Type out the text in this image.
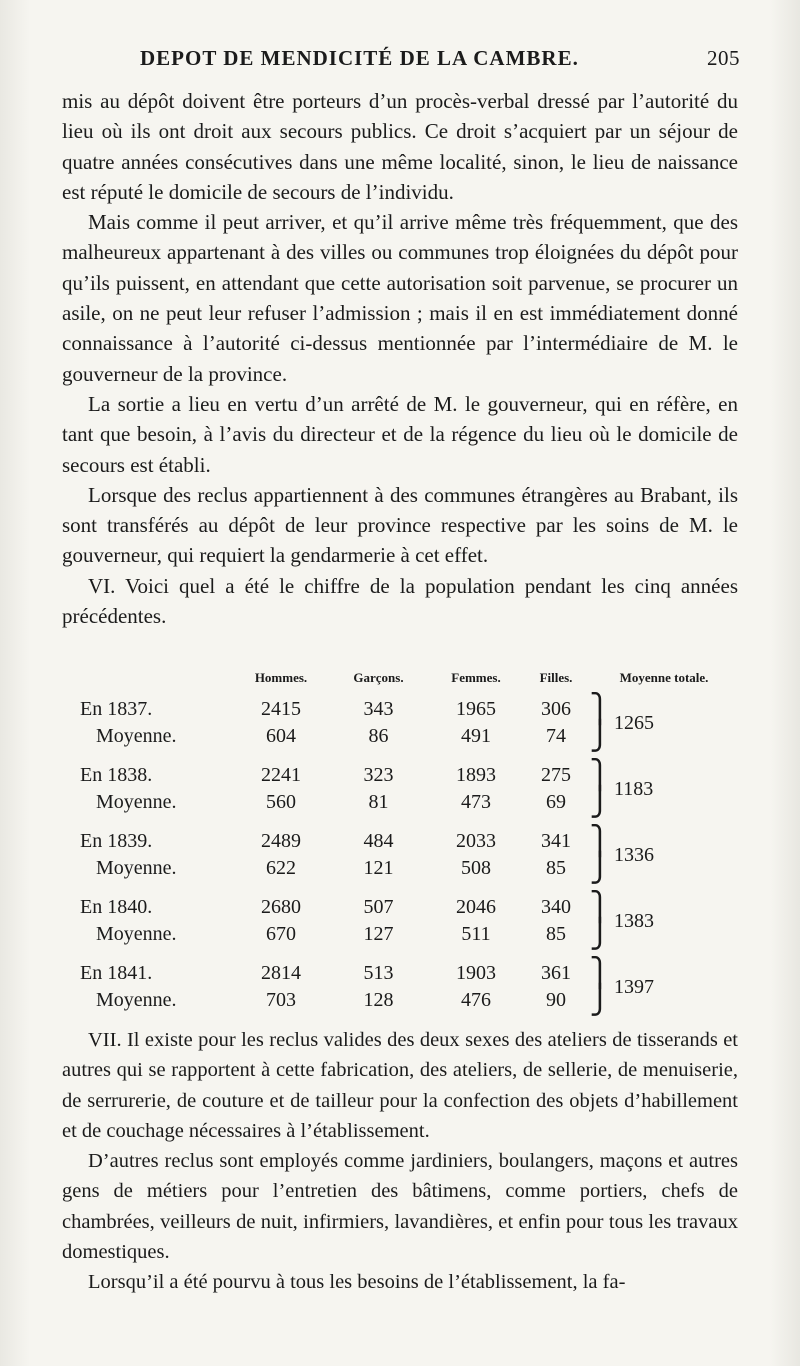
DEPOT DE MENDICITÉ DE LA CAMBRE.	205

mis au dépôt doivent être porteurs d’un procès-verbal dressé par l’autorité du lieu où ils ont droit aux secours publics. Ce droit s’acquiert par un séjour de quatre années consécutives dans une même localité, sinon, le lieu de naissance est réputé le domicile de secours de l’individu.

Mais comme il peut arriver, et qu’il arrive même très fréquemment, que des malheureux appartenant à des villes ou communes trop éloignées du dépôt pour qu’ils puissent, en attendant que cette autorisation soit parvenue, se procurer un asile, on ne peut leur refuser l’admission ; mais il en est immédiatement donné connaissance à l’autorité ci-dessus mentionnée par l’intermédiaire de M. le gouverneur de la province.

La sortie a lieu en vertu d’un arrêté de M. le gouverneur, qui en réfère, en tant que besoin, à l’avis du directeur et de la régence du lieu où le domicile de secours est établi.

Lorsque des reclus appartiennent à des communes étrangères au Brabant, ils sont transférés au dépôt de leur province respective par les soins de M. le gouverneur, qui requiert la gendarmerie à cet effet.

VI. Voici quel a été le chiffre de la population pendant les cinq années précédentes.

	Hommes.	Garçons.	Femmes.	Filles.		Moyenne totale.
En 1837.	2415	343	1965	306	⎫	1265
Moyenne.	604	86	491	74	⎭	

En 1838.	2241	323	1893	275	⎫	1183
Moyenne.	560	81	473	69	⎭	

En 1839.	2489	484	2033	341	⎫	1336
Moyenne.	622	121	508	85	⎭	

En 1840.	2680	507	2046	340	⎫	1383
Moyenne.	670	127	511	85	⎭	

En 1841.	2814	513	1903	361	⎫	1397
Moyenne.	703	128	476	90	⎭	

VII. Il existe pour les reclus valides des deux sexes des ateliers de tisserands et autres qui se rapportent à cette fabrication, des ateliers, de sellerie, de menuiserie, de serrurerie, de couture et de tailleur pour la confection des objets d’habillement et de couchage nécessaires à l’établissement.

D’autres reclus sont employés comme jardiniers, boulangers, maçons et autres gens de métiers pour l’entretien des bâtimens, comme portiers, chefs de chambrées, veilleurs de nuit, infirmiers, lavandières, et enfin pour tous les travaux domestiques.

Lorsqu’il a été pourvu à tous les besoins de l’établissement, la fa-
